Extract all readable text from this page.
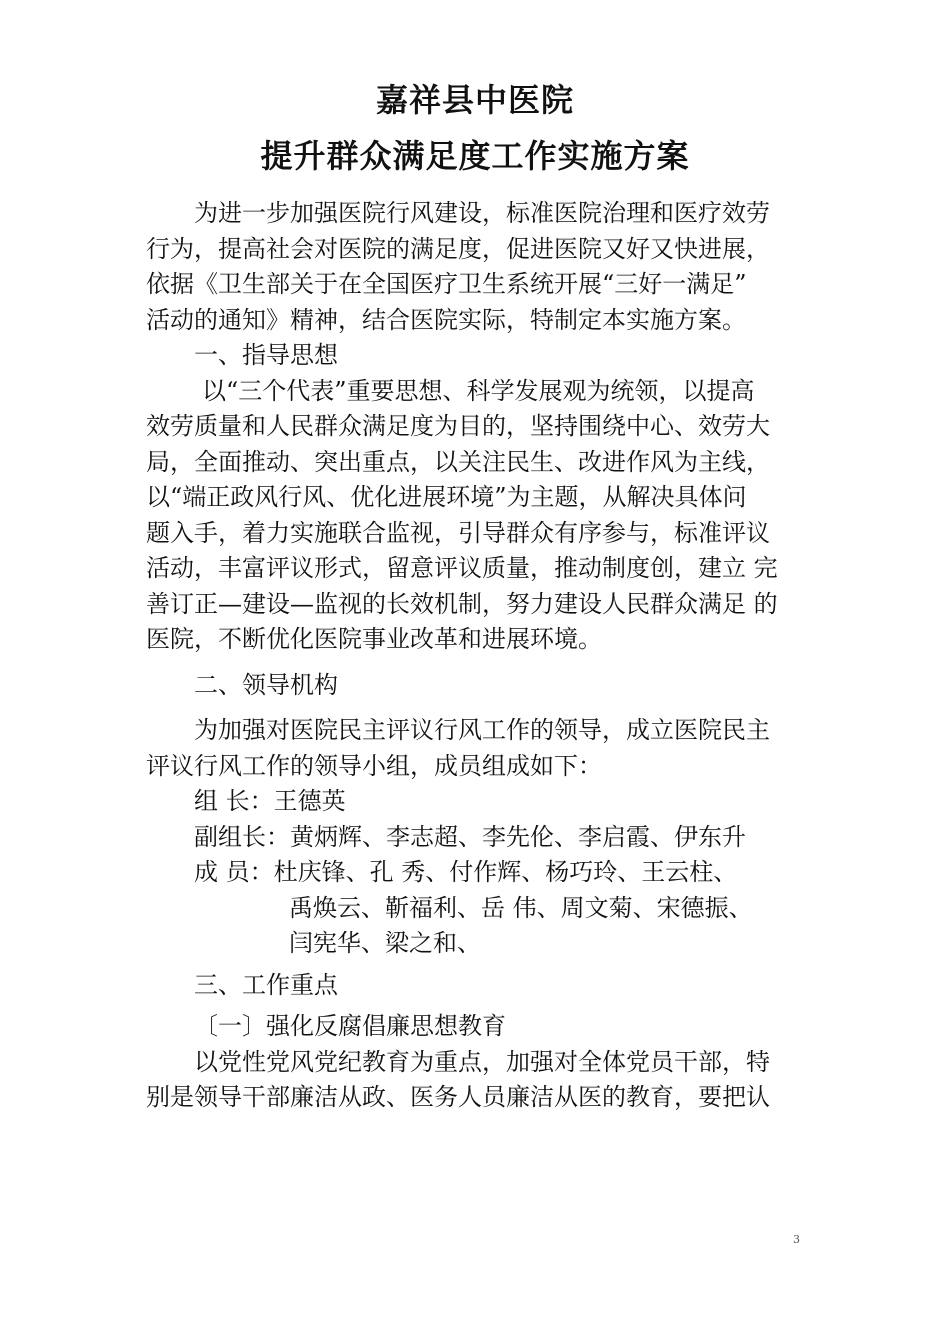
嘉祥县中医院
提升群众满足度工作实施方案
为进一步加强医院行风建设，标准医院治理和医疗效劳
行为，提高社会对医院的满足度，促进医院又好又快进展，
依据《卫生部关于在全国医疗卫生系统开展“三好一满足”
活动的通知》精神，结合医院实际，特制定本实施方案。
一、指导思想
以“三个代表”重要思想、科学发展观为统领，以提高
效劳质量和人民群众满足度为目的，坚持围绕中心、效劳大
局，全面推动、突出重点，以关注民生、改进作风为主线，
以“端正政风行风、优化进展环境”为主题，从解决具体问
题入手，着力实施联合监视，引导群众有序参与，标准评议
活动，丰富评议形式，留意评议质量，推动制度创，建立 完
善订正—建设—监视的长效机制，努力建设人民群众满足 的
医院，不断优化医院事业改革和进展环境。
二、领导机构
为加强对医院民主评议行风工作的领导，成立医院民主
评议行风工作的领导小组，成员组成如下：
组 长：王德英
副组长：黄炳辉、李志超、李先伦、李启霞、伊东升
成 员：杜庆锋、孔 秀、付作辉、杨巧玲、王云柱、
禹焕云、靳福利、岳 伟、周文菊、宋德振、
闫宪华、梁之和、
三、工作重点
〔一〕强化反腐倡廉思想教育
以党性党风党纪教育为重点，加强对全体党员干部，特
别是领导干部廉洁从政、医务人员廉洁从医的教育，要把认
3
